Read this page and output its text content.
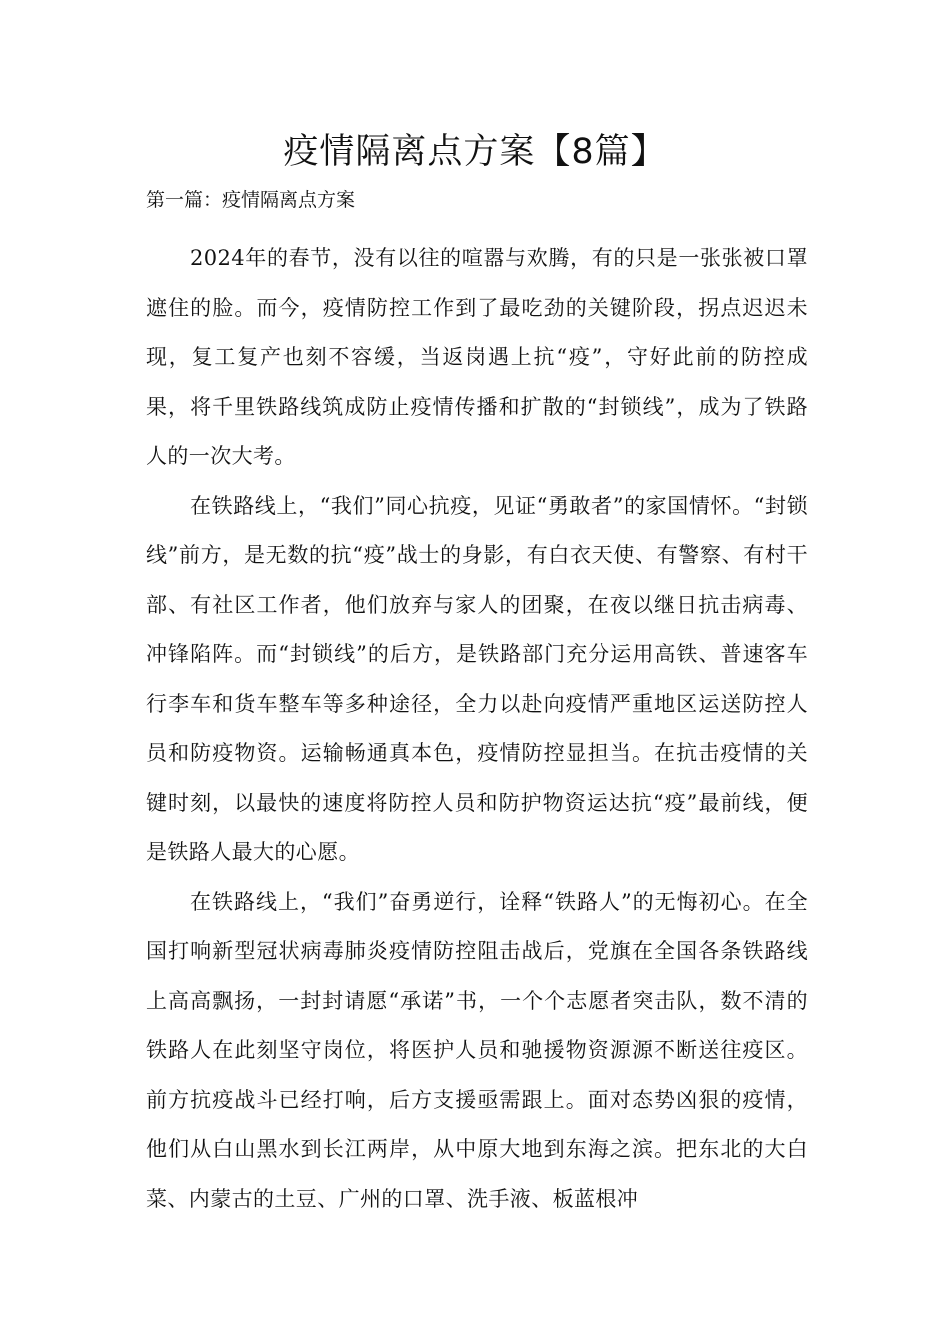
疫情隔离点方案【8篇】

第一篇：疫情隔离点方案

2024年的春节，没有以往的喧嚣与欢腾，有的只是一张张被口罩遮住的脸。而今，疫情防控工作到了最吃劲的关键阶段，拐点迟迟未现，复工复产也刻不容缓，当返岗遇上抗“疫”，守好此前的防控成果，将千里铁路线筑成防止疫情传播和扩散的“封锁线”，成为了铁路人的一次大考。

在铁路线上，“我们”同心抗疫，见证“勇敢者”的家国情怀。“封锁线”前方，是无数的抗“疫”战士的身影，有白衣天使、有警察、有村干部、有社区工作者，他们放弃与家人的团聚，在夜以继日抗击病毒、冲锋陷阵。而“封锁线”的后方，是铁路部门充分运用高铁、普速客车行李车和货车整车等多种途径，全力以赴向疫情严重地区运送防控人员和防疫物资。运输畅通真本色，疫情防控显担当。在抗击疫情的关键时刻，以最快的速度将防控人员和防护物资运达抗“疫”最前线，便是铁路人最大的心愿。

在铁路线上，“我们”奋勇逆行，诠释“铁路人”的无悔初心。在全国打响新型冠状病毒肺炎疫情防控阻击战后，党旗在全国各条铁路线上高高飘扬，一封封请愿“承诺”书，一个个志愿者突击队，数不清的铁路人在此刻坚守岗位，将医护人员和驰援物资源源不断送往疫区。前方抗疫战斗已经打响，后方支援亟需跟上。面对态势凶狠的疫情，他们从白山黑水到长江两岸，从中原大地到东海之滨。把东北的大白菜、内蒙古的土豆、广州的口罩、洗手液、板蓝根冲
